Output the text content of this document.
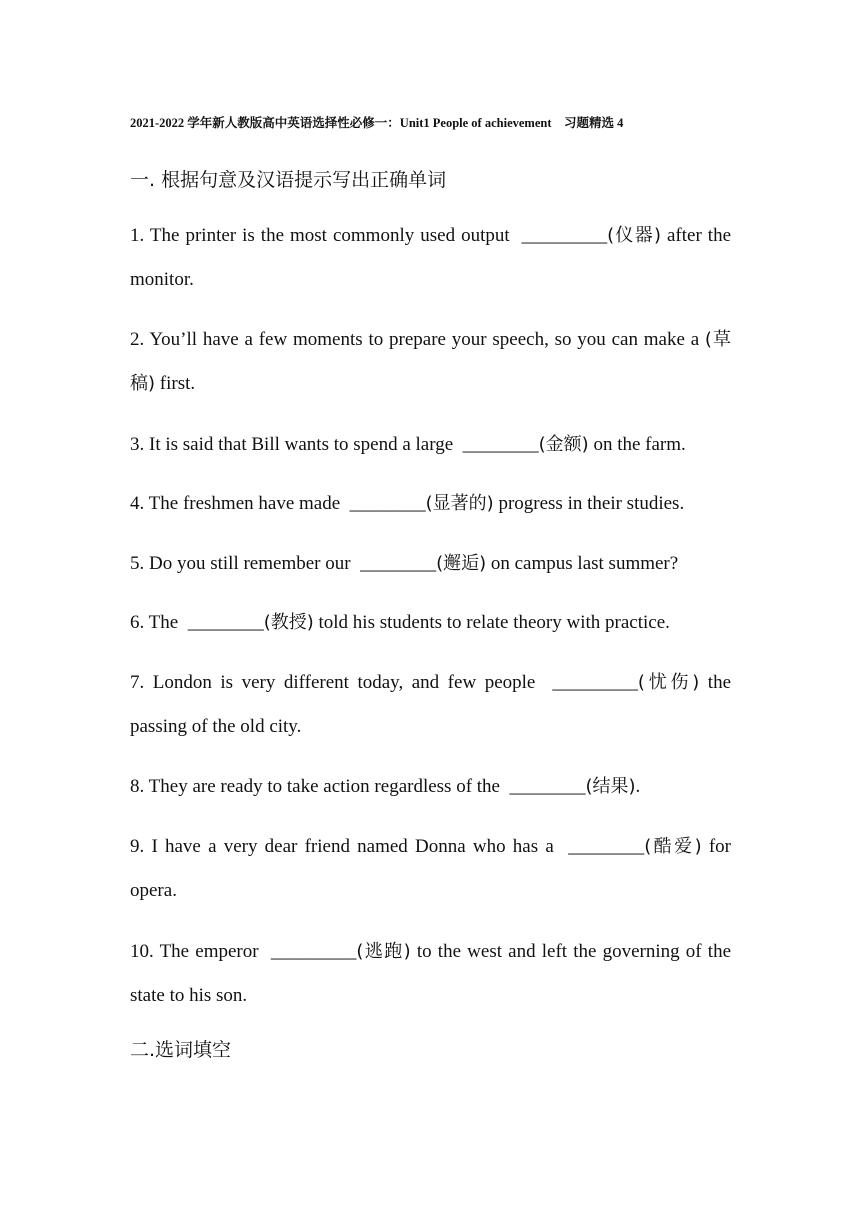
2021-2022 学年新人教版高中英语选择性必修一：Unit1 People of achievement    习题精选 4
一. 根据句意及汉语提示写出正确单词
1. The printer is the most commonly used output  _________(仪器) after the monitor.
2. You’ll have a few moments to prepare your speech, so you can make a (草稿) first.
3. It is said that Bill wants to spend a large  ________(金额) on the farm.
4. The freshmen have made  ________(显著的) progress in their studies.
5. Do you still remember our  ________(邂逅) on campus last summer?
6. The  ________(教授) told his students to relate theory with practice.
7. London is very different today, and few people  _________(忧伤) the passing of the old city.
8. They are ready to take action regardless of the  ________(结果).
9. I have a very dear friend named Donna who has a  ________(酷爱) for opera.
10. The emperor  _________(逃跑) to the west and left the governing of the state to his son.
二.选词填空
